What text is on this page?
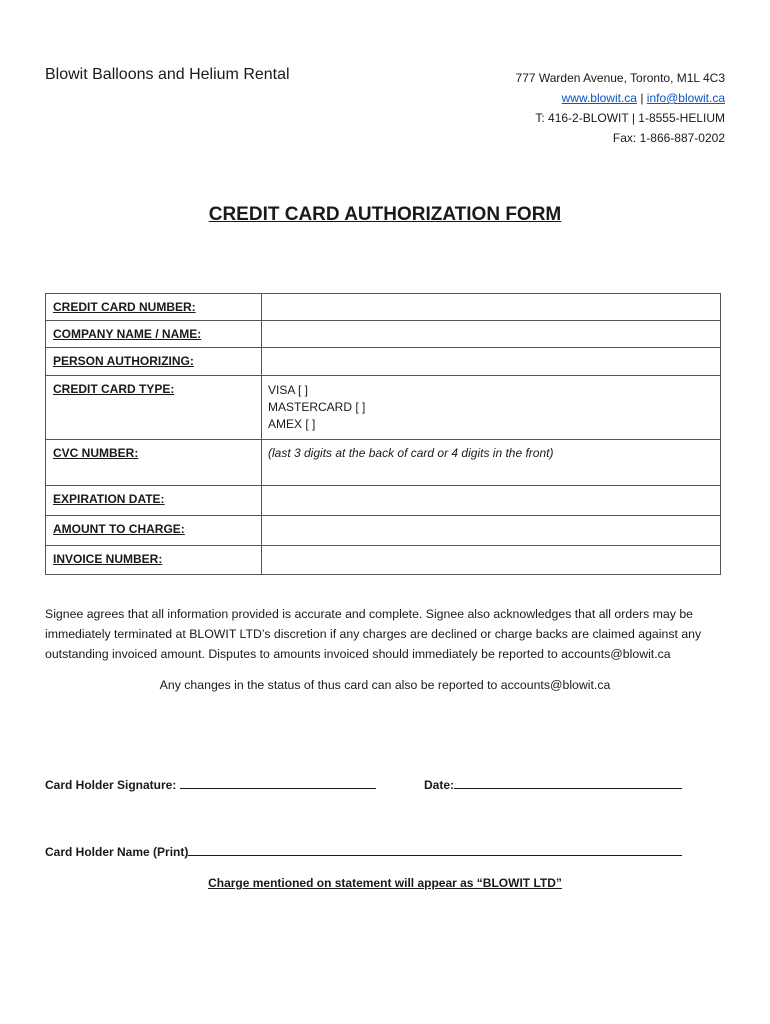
Blowit Balloons and Helium Rental	777 Warden Avenue, Toronto, M1L 4C3
www.blowit.ca | info@blowit.ca
T: 416-2-BLOWIT | 1-8555-HELIUM
Fax: 1-866-887-0202
CREDIT CARD AUTHORIZATION FORM
CREDIT CARD NUMBER:	
COMPANY NAME / NAME:	
PERSON AUTHORIZING:	
CREDIT CARD TYPE:	VISA [ ]
MASTERCARD [ ]
AMEX [ ]

CVC NUMBER:	(last 3 digits at the back of card or 4 digits in the front)
EXPIRATION DATE:	
AMOUNT TO CHARGE:	
INVOICE NUMBER:	
Signee agrees that all information provided is accurate and complete. Signee also acknowledges that all orders may be immediately terminated at BLOWIT LTD’s discretion if any charges are declined or charge backs are claimed against any outstanding invoiced amount. Disputes to amounts invoiced should immediately be reported to accounts@blowit.ca
Any changes in the status of thus card can also be reported to accounts@blowit.ca
Card Holder Signature:	Date:
Card Holder Name (Print)
Charge mentioned on statement will appear as “BLOWIT LTD”
